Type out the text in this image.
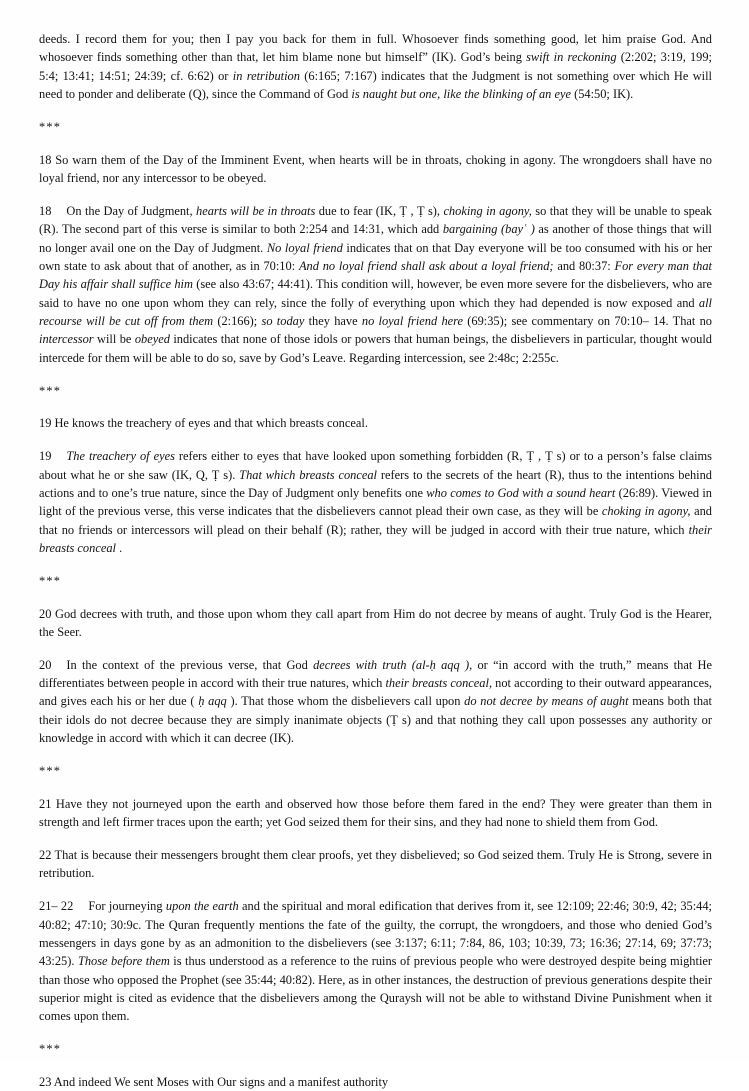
deeds. I record them for you; then I pay you back for them in full. Whosoever finds something good, let him praise God. And whosoever finds something other than that, let him blame none but himself” (IK). God’s being swift in reckoning (2:202; 3:19, 199; 5:4; 13:41; 14:51; 24:39; cf. 6:62) or in retribution (6:165; 7:167) indicates that the Judgment is not something over which He will need to ponder and deliberate (Q), since the Command of God is naught but one, like the blinking of an eye (54:50; IK).

***

18 So warn them of the Day of the Imminent Event, when hearts will be in throats, choking in agony. The wrongdoers shall have no loyal friend, nor any intercessor to be obeyed.

18 On the Day of Judgment, hearts will be in throats due to fear (IK, Ṭ , Ṭ s), choking in agony, so that they will be unable to speak (R). The second part of this verse is similar to both 2:254 and 14:31, which add bargaining (bayʿ ) as another of those things that will no longer avail one on the Day of Judgment. No loyal friend indicates that on that Day everyone will be too consumed with his or her own state to ask about that of another, as in 70:10: And no loyal friend shall ask about a loyal friend; and 80:37: For every man that Day his affair shall suffice him (see also 43:67; 44:41). This condition will, however, be even more severe for the disbelievers, who are said to have no one upon whom they can rely, since the folly of everything upon which they had depended is now exposed and all recourse will be cut off from them (2:166); so today they have no loyal friend here (69:35); see commentary on 70:10– 14. That no intercessor will be obeyed indicates that none of those idols or powers that human beings, the disbelievers in particular, thought would intercede for them will be able to do so, save by God’s Leave. Regarding intercession, see 2:48c; 2:255c.

***

19 He knows the treachery of eyes and that which breasts conceal.

19 The treachery of eyes refers either to eyes that have looked upon something forbidden (R, Ṭ , Ṭ s) or to a person’s false claims about what he or she saw (IK, Q, Ṭ s). That which breasts conceal refers to the secrets of the heart (R), thus to the intentions behind actions and to one’s true nature, since the Day of Judgment only benefits one who comes to God with a sound heart (26:89). Viewed in light of the previous verse, this verse indicates that the disbelievers cannot plead their own case, as they will be choking in agony, and that no friends or intercessors will plead on their behalf (R); rather, they will be judged in accord with their true nature, which their breasts conceal .

***

20 God decrees with truth, and those upon whom they call apart from Him do not decree by means of aught. Truly God is the Hearer, the Seer.

20 In the context of the previous verse, that God decrees with truth (al-ḥ aqq ), or “in accord with the truth,” means that He differentiates between people in accord with their true natures, which their breasts conceal, not according to their outward appearances, and gives each his or her due ( ḥ aqq ). That those whom the disbelievers call upon do not decree by means of aught means both that their idols do not decree because they are simply inanimate objects (Ṭ s) and that nothing they call upon possesses any authority or knowledge in accord with which it can decree (IK).

***

21 Have they not journeyed upon the earth and observed how those before them fared in the end? They were greater than them in strength and left firmer traces upon the earth; yet God seized them for their sins, and they had none to shield them from God.

22 That is because their messengers brought them clear proofs, yet they disbelieved; so God seized them. Truly He is Strong, severe in retribution.

21– 22 For journeying upon the earth and the spiritual and moral edification that derives from it, see 12:109; 22:46; 30:9, 42; 35:44; 40:82; 47:10; 30:9c. The Quran frequently mentions the fate of the guilty, the corrupt, the wrongdoers, and those who denied God’s messengers in days gone by as an admonition to the disbelievers (see 3:137; 6:11; 7:84, 86, 103; 10:39, 73; 16:36; 27:14, 69; 37:73; 43:25). Those before them is thus understood as a reference to the ruins of previous people who were destroyed despite being mightier than those who opposed the Prophet (see 35:44; 40:82). Here, as in other instances, the destruction of previous generations despite their superior might is cited as evidence that the disbelievers among the Quraysh will not be able to withstand Divine Punishment when it comes upon them.

***

23 And indeed We sent Moses with Our signs and a manifest authority
